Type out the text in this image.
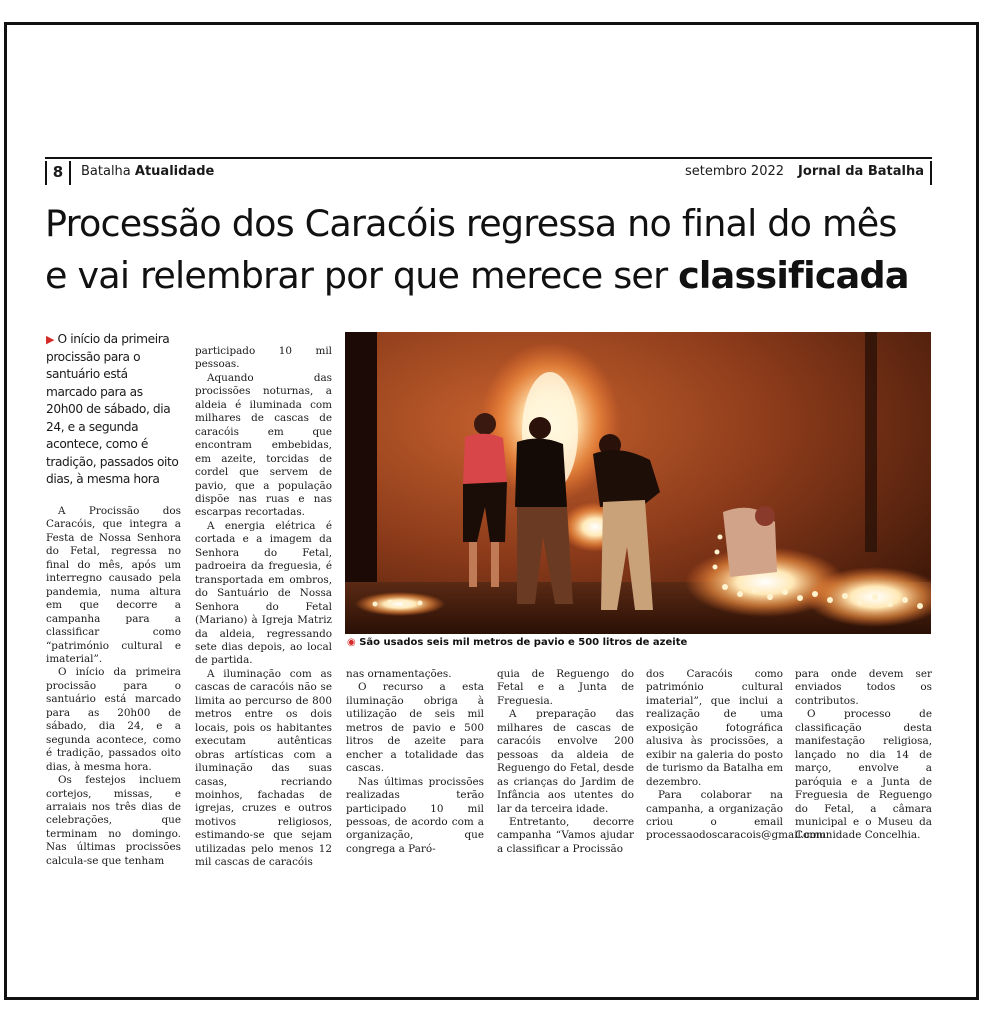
8	Batalha Atualidade	setembro 2022 Jornal da Batalha
Processão dos Caracóis regressa no final do mês
e vai relembrar por que merece ser classificada
▶ O início da primeira procissão para o santuário está marcado para as 20h00 de sábado, dia 24, e a segunda acontece, como é tradição, passados oito dias, à mesma hora

A Procissão dos Caracóis, que integra a Festa de Nossa Senhora do Fetal, regressa no final do mês, após um interregno causado pela pandemia, numa altura em que decorre a campanha para a classificar como “património cultural e imaterial”.

O início da primeira procissão para o santuário está marcado para as 20h00 de sábado, dia 24, e a segunda acontece, como é tradição, passados oito dias, à mesma hora.

Os festejos incluem cortejos, missas, e arraiais nos três dias de celebrações, que terminam no domingo. Nas últimas procissões calcula-se que tenham

participado 10 mil pessoas.

Aquando das procissões noturnas, a aldeia é iluminada com milhares de cascas de caracóis em que encontram embebidas, em azeite, torcidas de cordel que servem de pavio, que a população dispõe nas ruas e nas escarpas recortadas.

A energia elétrica é cortada e a imagem da Senhora do Fetal, padroeira da freguesia, é transportada em ombros, do Santuário de Nossa Senhora do Fetal (Mariano) à Igreja Matriz da aldeia, regressando sete dias depois, ao local de partida.

A iluminação com as cascas de caracóis não se limita ao percurso de 800 metros entre os dois locais, pois os habitantes executam autênticas obras artísticas com a iluminação das suas casas, recriando moinhos, fachadas de igrejas, cruzes e outros motivos religiosos, estimando-se que sejam utilizadas pelo menos 12 mil cascas de caracóis

◉ São usados seis mil metros de pavio e 500 litros de azeite

nas ornamentações.

O recurso a esta iluminação obriga à utilização de seis mil metros de pavio e 500 litros de azeite para encher a totalidade das cascas.

Nas últimas procissões realizadas terão participado 10 mil pessoas, de acordo com a organização, que congrega a Paró-

quia de Reguengo do Fetal e a Junta de Freguesia.

A preparação das milhares de cascas de caracóis envolve 200 pessoas da aldeia de Reguengo do Fetal, desde as crianças do Jardim de Infância aos utentes do lar da terceira idade.

Entretanto, decorre campanha “Vamos ajudar a classificar a Procissão

dos Caracóis como património cultural imaterial”, que inclui a realização de uma exposição fotográfica alusiva às procissões, a exibir na galeria do posto de turismo da Batalha em dezembro.

Para colaborar na campanha, a organização criou o email processaodoscaracois@gmail.com

para onde devem ser enviados todos os contributos.

O processo de classificação desta manifestação religiosa, lançado no dia 14 de março, envolve a paróquia e a Junta de Freguesia de Reguengo do Fetal, a câmara municipal e o Museu da Comunidade Concelhia.
